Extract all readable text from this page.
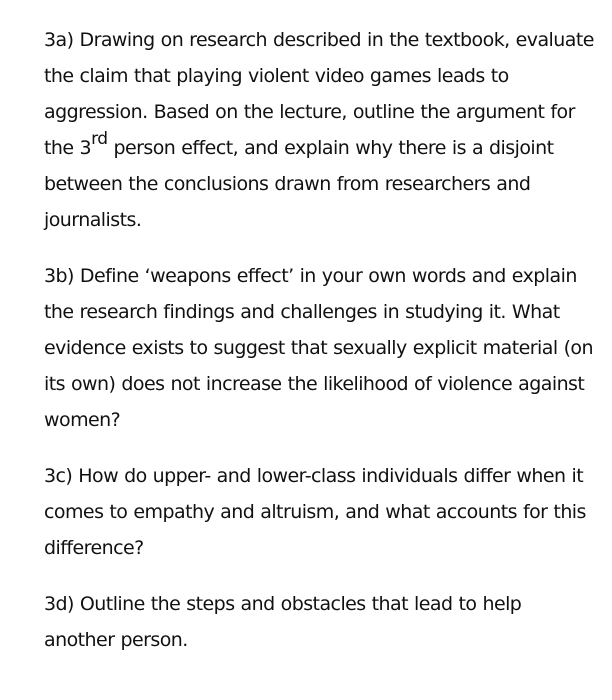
3a) Drawing on research described in the textbook, evaluate the claim that playing violent video games leads to aggression. Based on the lecture, outline the argument for the 3rd person effect, and explain why there is a disjoint between the conclusions drawn from researchers and journalists.

3b) Define ‘weapons effect’ in your own words and explain the research findings and challenges in studying it. What evidence exists to suggest that sexually explicit material (on its own) does not increase the likelihood of violence against women?

3c) How do upper- and lower-class individuals differ when it comes to empathy and altruism, and what accounts for this difference?

3d) Outline the steps and obstacles that lead to help another person.
